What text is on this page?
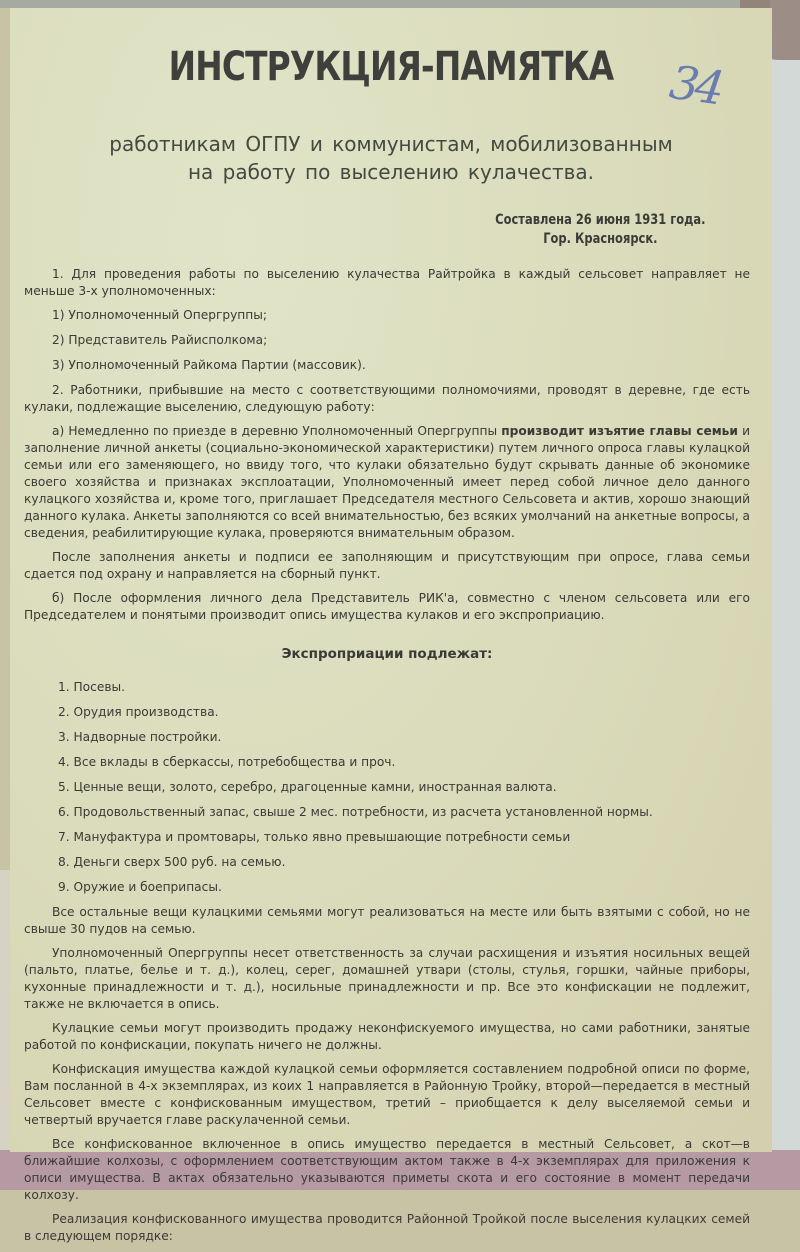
34
ИНСТРУКЦИЯ-ПАМЯТКА
работникам ОГПУ и коммунистам, мобилизованным
на работу по выселению кулачества.
Составлена 26 июня 1931 года.
Гор. Красноярск.

1. Для проведения работы по выселению кулачества Райтройка в каждый сельсовет направляет не меньше 3-х уполномоченных:

1) Уполномоченный Опергруппы;

2) Представитель Райисполкома;

3) Уполномоченный Райкома Партии (массовик).

2. Работники, прибывшие на место с соответствующими полномочиями, проводят в деревне, где есть кулаки, подлежащие выселению, следующую работу:

а) Немедленно по приезде в деревню Уполномоченный Опергруппы производит изъятие главы семьи и заполнение личной анкеты (социально-экономической характеристики) путем личного опроса главы кулацкой семьи или его заменяющего, но ввиду того, что кулаки обязательно будут скрывать данные об экономике своего хозяйства и признаках эксплоатации, Уполномоченный имеет перед собой личное дело данного кулацкого хозяйства и, кроме того, приглашает Председателя местного Сельсовета и актив, хорошо знающий данного кулака. Анкеты заполняются со всей внимательностью, без всяких умолчаний на анкетные вопросы, а сведения, реабилитирующие кулака, проверяются внимательным образом.

После заполнения анкеты и подписи ее заполняющим и присутствующим при опросе, глава семьи сдается под охрану и направляется на сборный пункт.

б) После оформления личного дела Представитель РИК'а, совместно с членом сельсовета или его Председателем и понятыми производит опись имущества кулаков и его экспроприацию.

Экспроприации подлежат:

1. Посевы.

2. Орудия производства.

3. Надворные постройки.

4. Все вклады в сберкассы, потребобщества и проч.

5. Ценные вещи, золото, серебро, драгоценные камни, иностранная валюта.

6. Продовольственный запас, свыше 2 мес. потребности, из расчета установленной нормы.

7. Мануфактура и промтовары, только явно превышающие потребности семьи

8. Деньги сверх 500 руб. на семью.

9. Оружие и боеприпасы.

Все остальные вещи кулацкими семьями могут реализоваться на месте или быть взятыми с собой, но не свыше 30 пудов на семью.

Уполномоченный Опергруппы несет ответственность за случаи расхищения и изъятия носильных вещей (пальто, платье, белье и т. д.), колец, серег, домашней утвари (столы, стулья, горшки, чайные приборы, кухонные принадлежности и т. д.), носильные принадлежности и пр. Все это конфискации не подлежит, также не включается в опись.

Кулацкие семьи могут производить продажу неконфискуемого имущества, но сами работники, занятые работой по конфискации, покупать ничего не должны.

Конфискация имущества каждой кулацкой семьи оформляется составлением подробной описи по форме, Вам посланной в 4-х экземплярах, из коих 1 направляется в Районную Тройку, второй—передается в местный Сельсовет вместе с конфискованным имуществом, третий – приобщается к делу выселяемой семьи и четвертый вручается главе раскулаченной семьи.

Все конфискованное включенное в опись имущество передается в местный Сельсовет, а скот—в ближайшие колхозы, с оформлением соответствующим актом также в 4-х экземплярах для приложения к описи имущества. В актах обязательно указываются приметы скота и его состояние в момент передачи колхозу.

Реализация конфискованного имущества проводится Районной Тройкой после выселения кулацких семей в следующем порядке:
